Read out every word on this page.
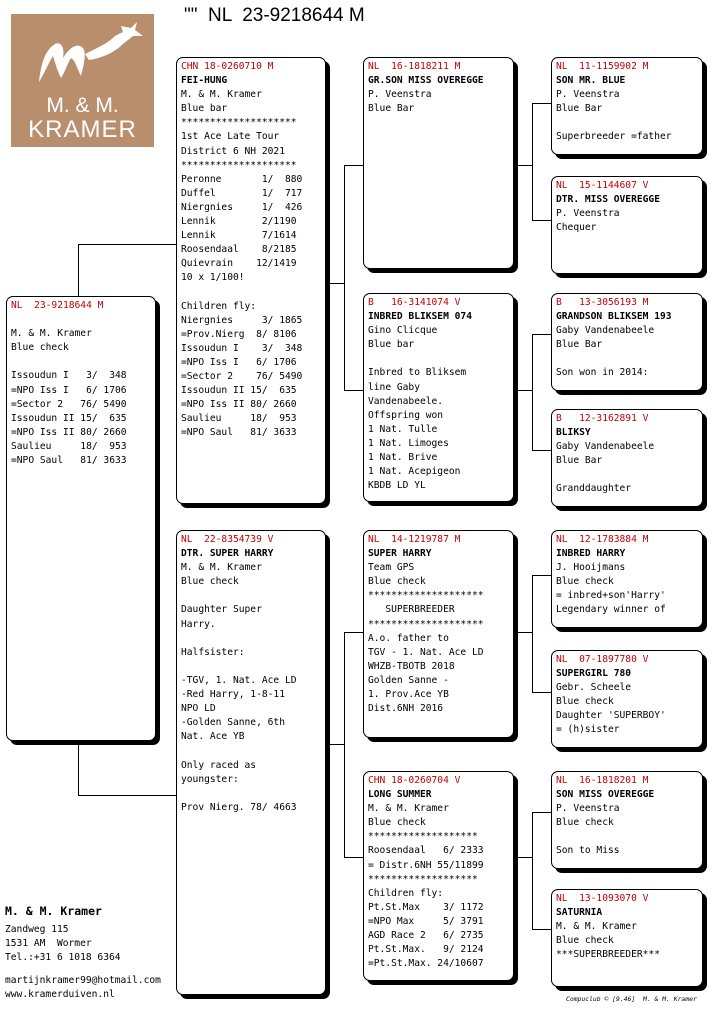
""  NL  23-9218644 M
M. & M.
KRAMER
NL  23-9218644 M
M. & M. Kramer
Blue check
Issoudun I   3/  348
=NPO Iss I   6/ 1706
=Sector 2   76/ 5490
Issoudun II 15/  635
=NPO Iss II 80/ 2660
Saulieu     18/  953
=NPO Saul   81/ 3633
CHN 18-0260710 M
FEI-HUNG
M. & M. Kramer
Blue bar
********************
1st Ace Late Tour
District 6 NH 2021
********************
Peronne       1/  880
Duffel        1/  717
Niergnies     1/  426
Lennik        2/1190
Lennik        7/1614
Roosendaal    8/2185
Quievrain    12/1419
10 x 1/100!
Children fly:
Niergnies     3/ 1865
=Prov.Nierg  8/ 8106
Issoudun I    3/  348
=NPO Iss I   6/ 1706
=Sector 2    76/ 5490
Issoudun II 15/  635
=NPO Iss II 80/ 2660
Saulieu     18/  953
=NPO Saul   81/ 3633
NL  22-8354739 V
DTR. SUPER HARRY
M. & M. Kramer
Blue check
Daughter Super
Harry.
Halfsister:
-TGV, 1. Nat. Ace LD
-Red Harry, 1-8-11
NPO LD
-Golden Sanne, 6th
Nat. Ace YB
Only raced as
youngster:
Prov Nierg. 78/ 4663
NL  16-1818211 M
GR.SON MISS OVEREGGE
P. Veenstra
Blue Bar
B   16-3141074 V
INBRED BLIKSEM 074
Gino Clicque
Blue bar
Inbred to Bliksem
line Gaby
Vandenabeele.
Offspring won
1 Nat. Tulle
1 Nat. Limoges
1 Nat. Brive
1 Nat. Acepigeon
KBDB LD YL
NL  14-1219787 M
SUPER HARRY
Team GPS
Blue check
********************
SUPERBREEDER
********************
A.o. father to
TGV - 1. Nat. Ace LD
WHZB-TBOTB 2018
Golden Sanne -
1. Prov.Ace YB
Dist.6NH 2016
CHN 18-0260704 V
LONG SUMMER
M. & M. Kramer
Blue check
*******************
Roosendaal   6/ 2333
= Distr.6NH 55/11899
*******************
Children fly:
Pt.St.Max    3/ 1172
=NPO Max     5/ 3791
AGD Race 2   6/ 2735
Pt.St.Max.   9/ 2124
=Pt.St.Max. 24/10607
NL  11-1159902 M
SON MR. BLUE
P. Veenstra
Blue Bar
Superbreeder =father
NL  15-1144607 V
DTR. MISS OVEREGGE
P. Veenstra
Chequer
B   13-3056193 M
GRANDSON BLIKSEM 193
Gaby Vandenabeele
Blue Bar
Son won in 2014:
B   12-3162891 V
BLIKSY
Gaby Vandenabeele
Blue Bar
Granddaughter
NL  12-1783884 M
INBRED HARRY
J. Hooijmans
Blue check
= inbred+son'Harry'
Legendary winner of
NL  07-1897780 V
SUPERGIRL 780
Gebr. Scheele
Blue check
Daughter 'SUPERBOY'
= (h)sister
NL  16-1818201 M
SON MISS OVEREGGE
P. Veenstra
Blue check
Son to Miss
NL  13-1093070 V
SATURNIA
M. & M. Kramer
Blue check
***SUPERBREEDER***
M. & M. Kramer
Zandweg 115
1531 AM  Wormer
Tel.:+31 6 1018 6364
martijnkramer99@hotmail.com
www.kramerduiven.nl	Compuclub © [9.46]  M. & M. Kramer
